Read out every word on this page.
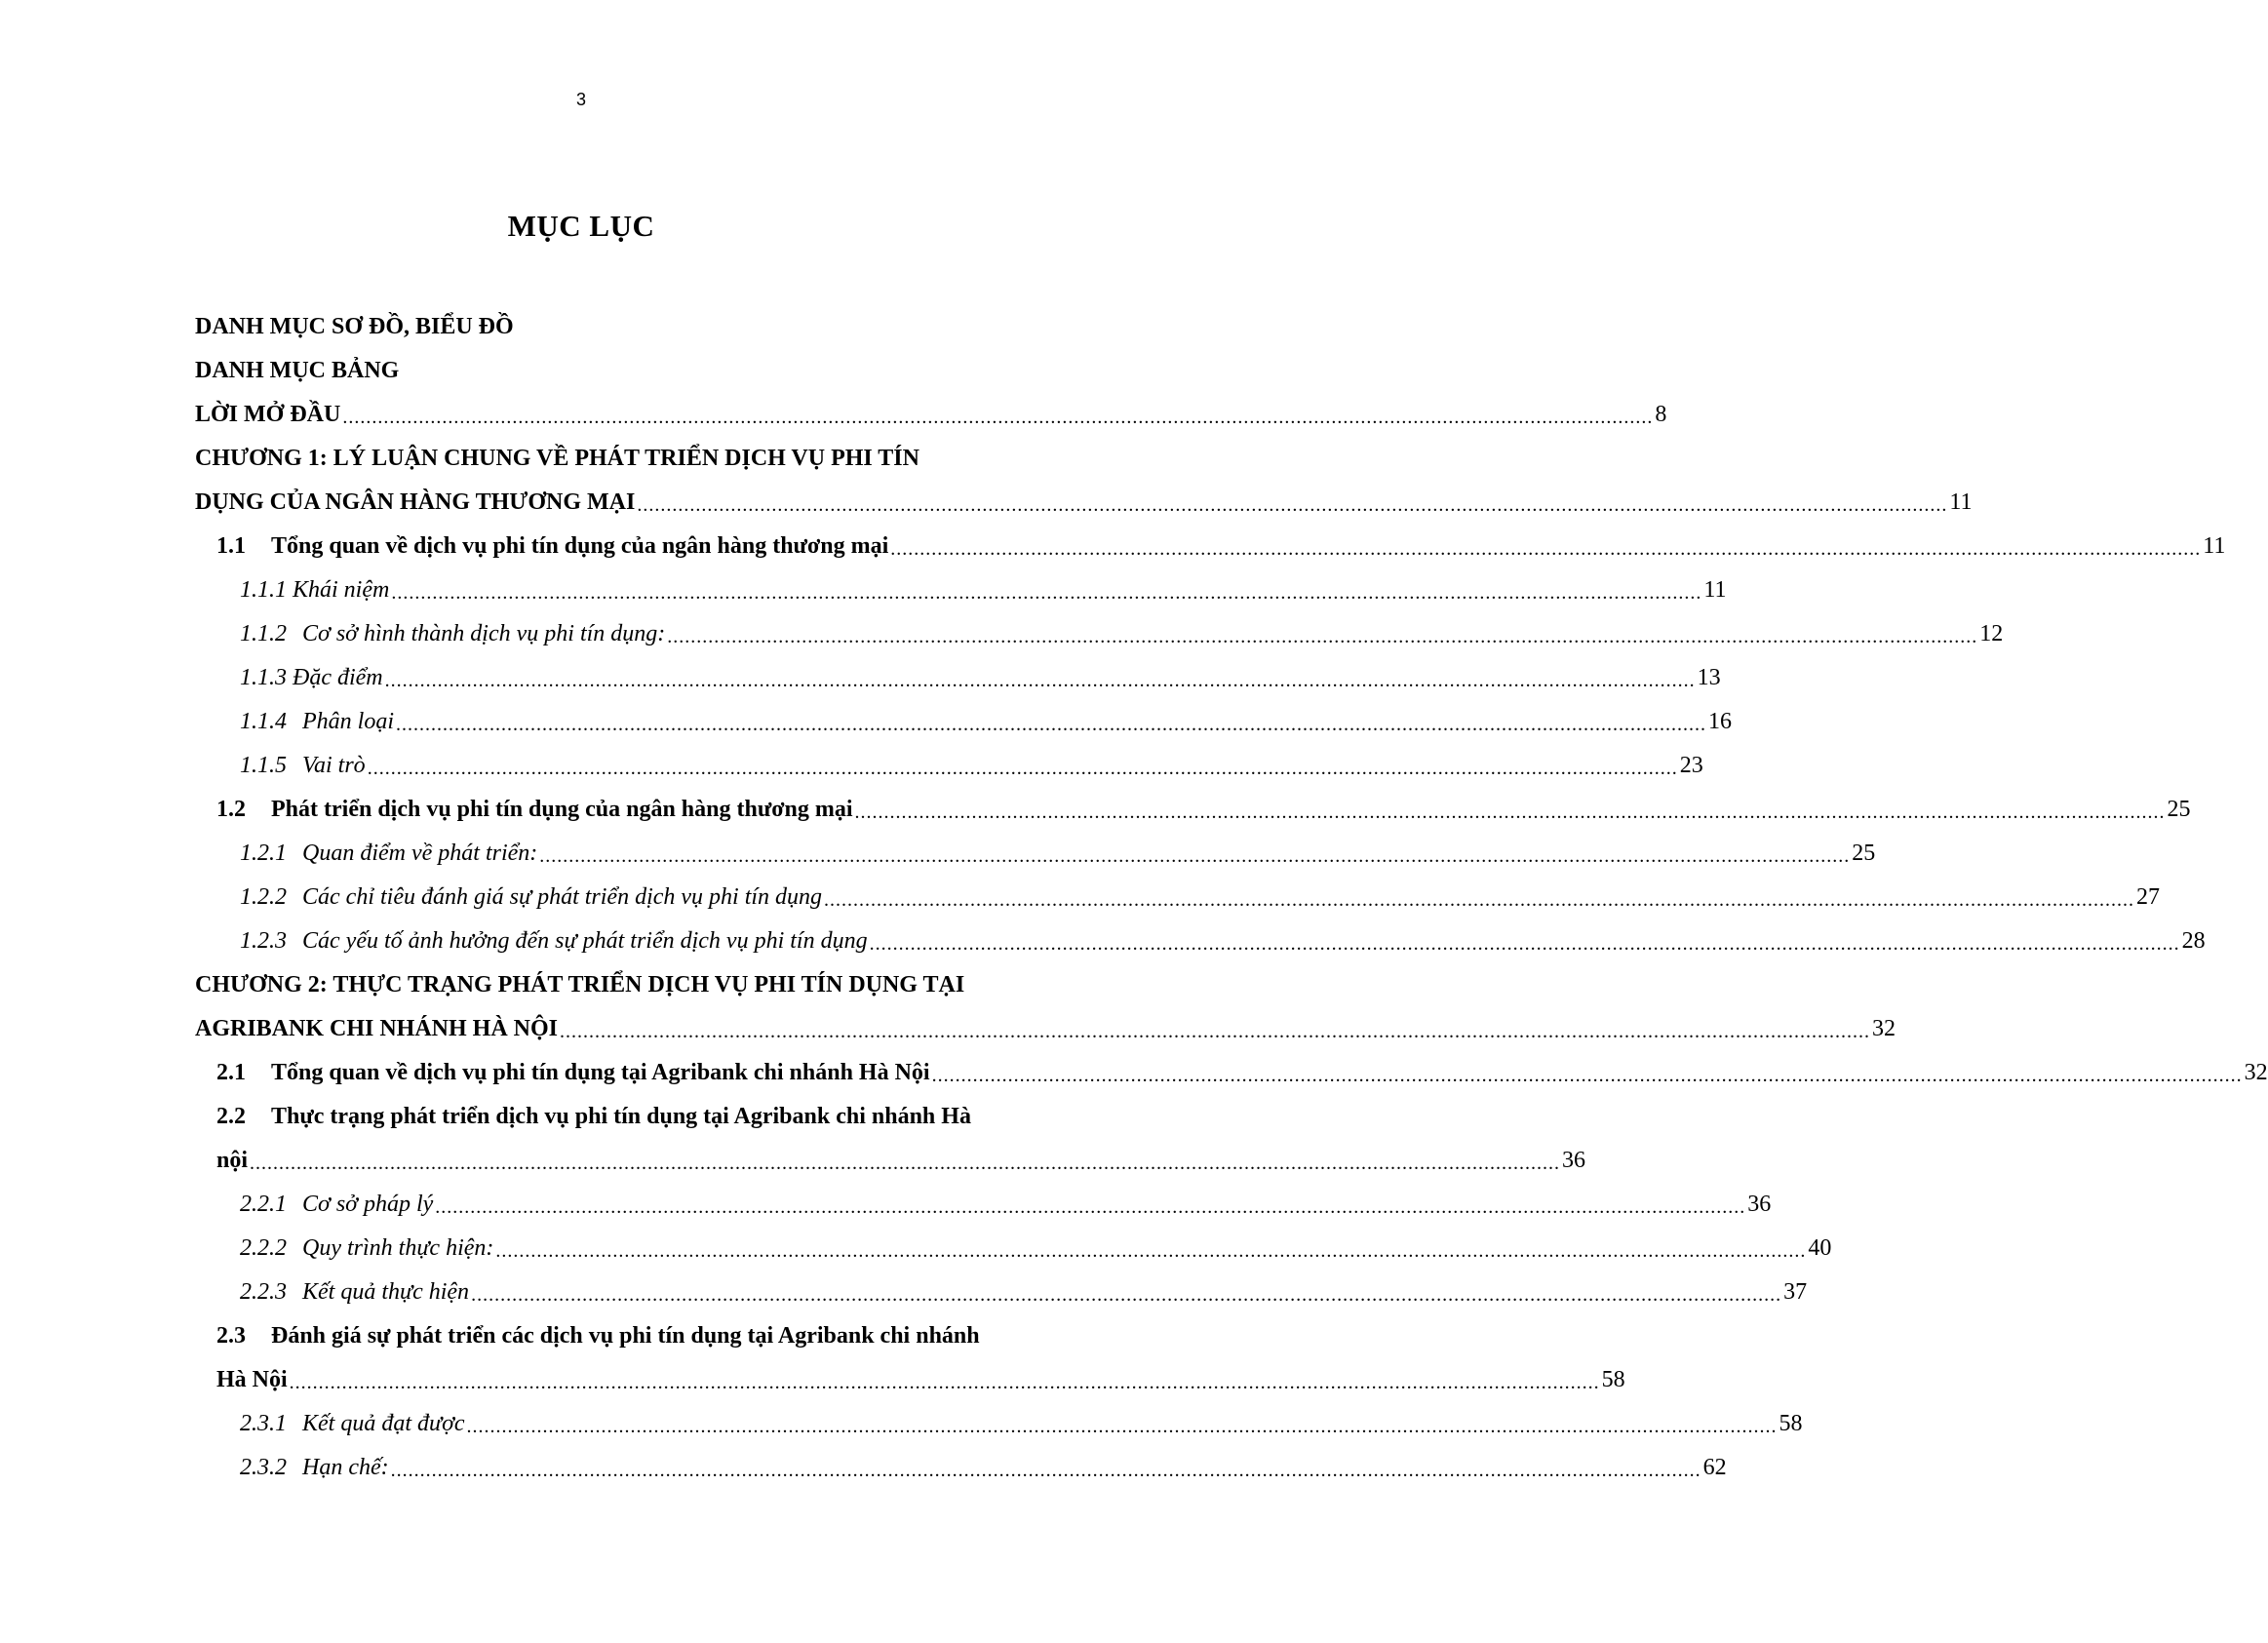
3
MỤC LỤC
DANH MỤC SƠ ĐỒ, BIỂU ĐỒ
DANH MỤC BẢNG
LỜI MỞ ĐẦU .....	8
CHƯƠNG 1: LÝ LUẬN CHUNG VỀ PHÁT TRIỂN DỊCH VỤ PHI TÍN
DỤNG CỦA NGÂN HÀNG THƯƠNG MẠI .....	11
1.1	Tổng quan về dịch vụ phi tín dụng của ngân hàng thương mại .....	11
1.1.1 Khái niệm .....	11
1.1.2 Cơ sở hình thành dịch vụ phi tín dụng: .....	12
1.1.3 Đặc điểm .....	13
1.1.4 Phân loại .....	16
1.1.5 Vai trò .....	23
1.2	Phát triển dịch vụ phi tín dụng của ngân hàng thương mại .....	25
1.2.1 Quan điểm về phát triển: .....	25
1.2.2 Các chỉ tiêu đánh giá sự phát triển dịch vụ phi tín dụng .....	27
1.2.3 Các yếu tố ảnh hưởng đến sự phát triển dịch vụ phi tín dụng .....	28
CHƯƠNG 2: THỰC TRẠNG PHÁT TRIỂN DỊCH VỤ PHI TÍN DỤNG TẠI
AGRIBANK CHI NHÁNH HÀ NỘI .....	32
2.1	Tổng quan về dịch vụ phi tín dụng tại Agribank chi nhánh Hà Nội .....	32
2.2	Thực trạng phát triển dịch vụ phi tín dụng tại Agribank chi nhánh Hà
nội .....	36
2.2.1 Cơ sở pháp lý .....	36
2.2.2 Quy trình thực hiện: .....	40
2.2.3 Kết quả thực hiện .....	37
2.3	Đánh giá sự phát triển các dịch vụ phi tín dụng tại Agribank chi nhánh
Hà Nội .....	58
2.3.1 Kết quả đạt được .....	58
2.3.2 Hạn chế: .....	62
